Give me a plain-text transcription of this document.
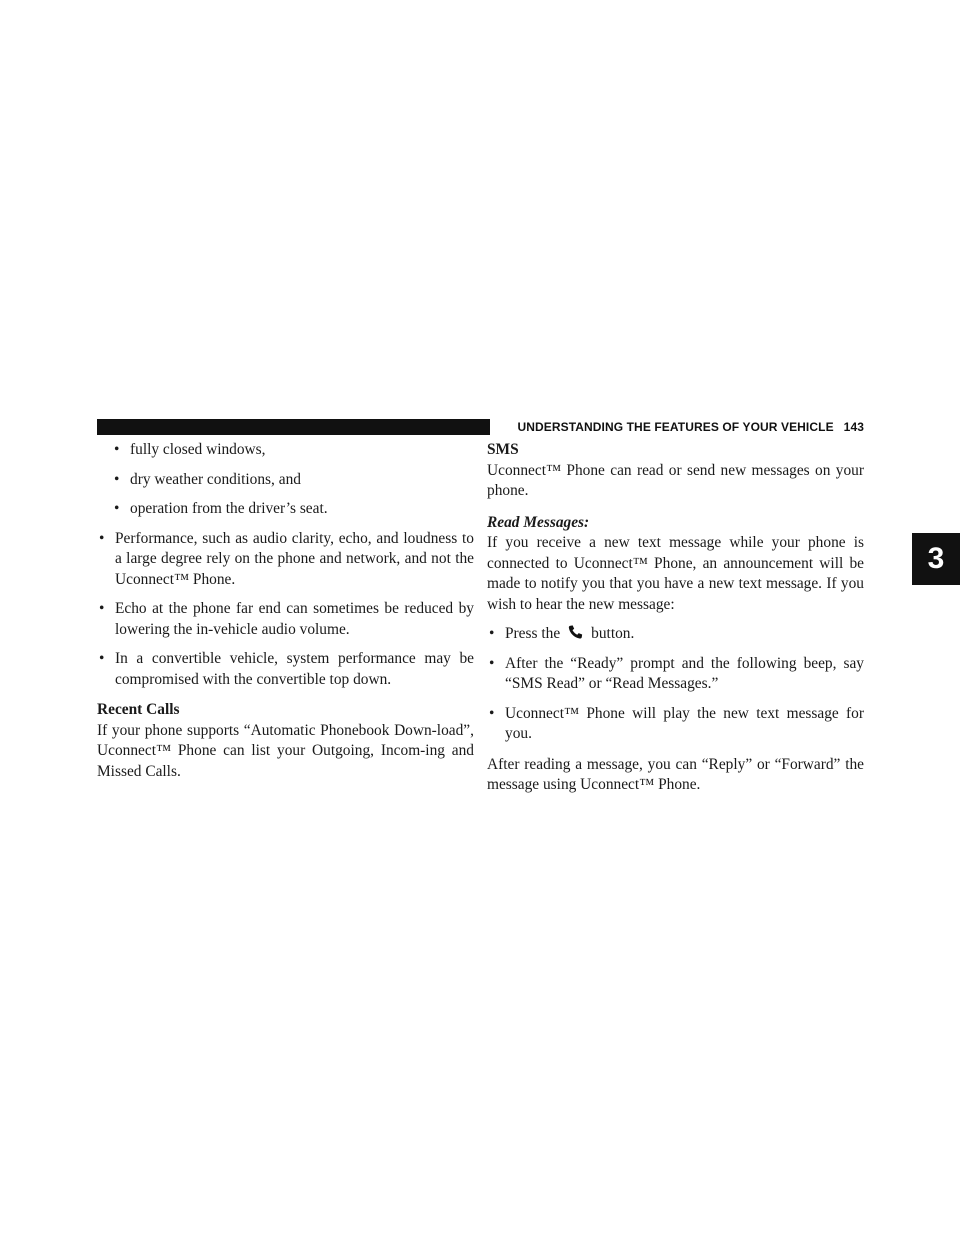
UNDERSTANDING THE FEATURES OF YOUR VEHICLE 143
3

• fully closed windows,

• dry weather conditions, and

• operation from the driver’s seat.

• Performance, such as audio clarity, echo, and loudness to a large degree rely on the phone and network, and not the Uconnect™ Phone.

• Echo at the phone far end can sometimes be reduced by lowering the in-vehicle audio volume.

• In a convertible vehicle, system performance may be compromised with the convertible top down.

Recent Calls

If your phone supports “Automatic Phonebook Down-load”, Uconnect™ Phone can list your Outgoing, Incom-ing and Missed Calls.

SMS

Uconnect™ Phone can read or send new messages on your phone.

Read Messages:

If you receive a new text message while your phone is connected to Uconnect™ Phone, an announcement will be made to notify you that you have a new text message. If you wish to hear the new message:

• Press the button.

• After the “Ready” prompt and the following beep, say “SMS Read” or “Read Messages.”

• Uconnect™ Phone will play the new text message for you.

After reading a message, you can “Reply” or “Forward” the message using Uconnect™ Phone.
